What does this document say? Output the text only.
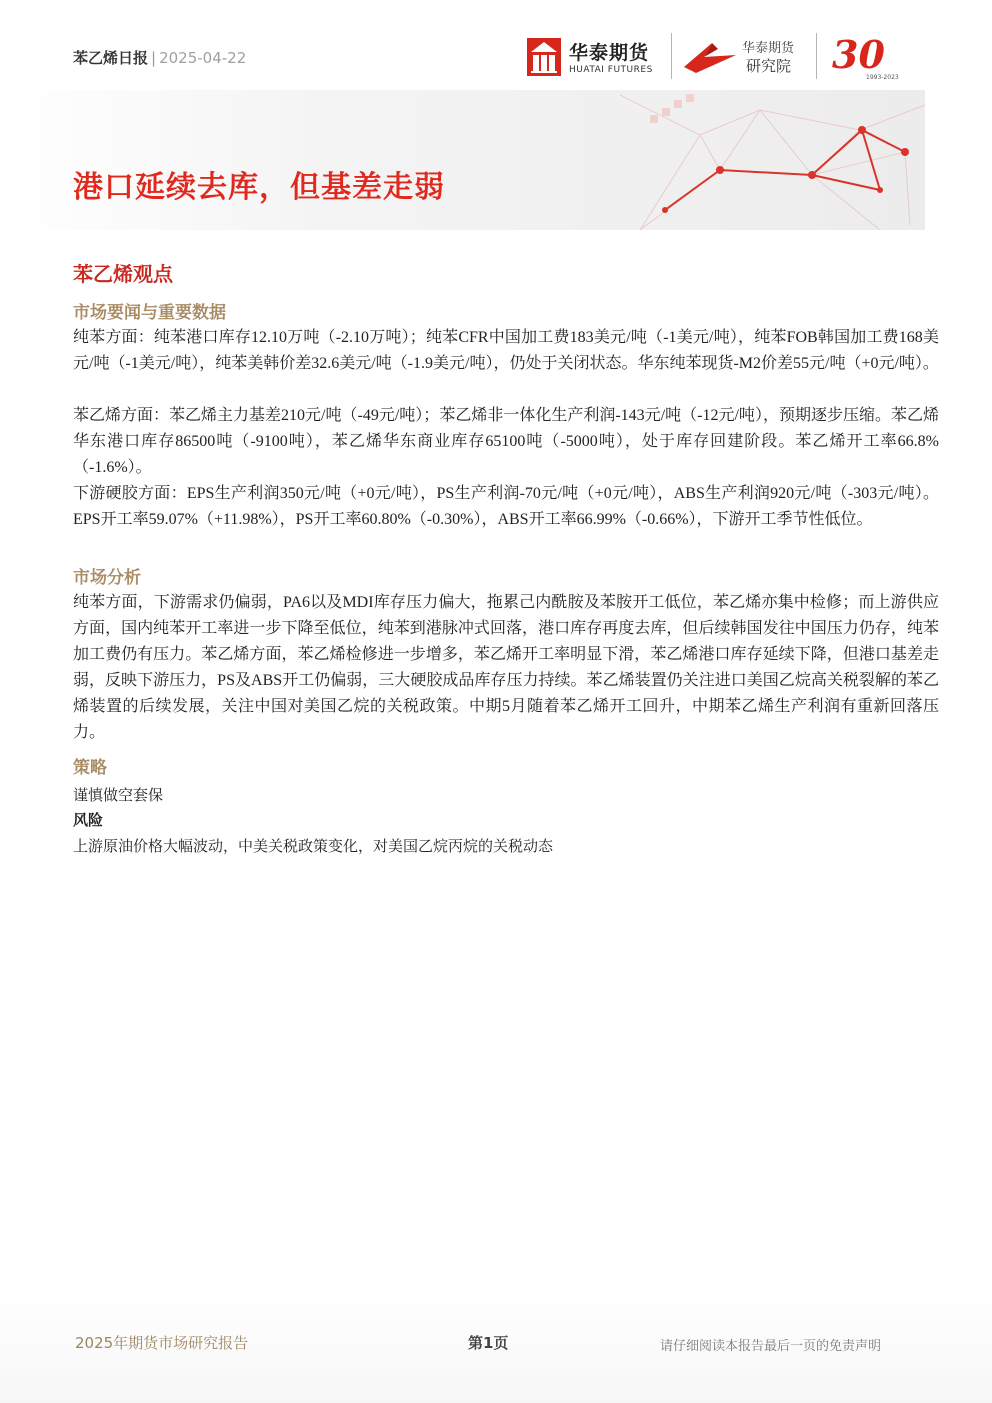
苯乙烯日报 | 2025-04-22	华泰期货
HUATAI FUTURES
华泰期货
研究院 30
1993-2023
港口延续去库，但基差走弱
苯乙烯观点
市场要闻与重要数据
纯苯方面：纯苯港口库存12.10万吨（-2.10万吨）；纯苯CFR中国加工费183美元/吨（-1美元/吨），纯苯FOB韩国加工费168美元/吨（-1美元/吨），纯苯美韩价差32.6美元/吨（-1.9美元/吨），仍处于关闭状态。华东纯苯现货-M2价差55元/吨（+0元/吨）。
苯乙烯方面：苯乙烯主力基差210元/吨（-49元/吨）；苯乙烯非一体化生产利润-143元/吨（-12元/吨），预期逐步压缩。苯乙烯华东港口库存86500吨（-9100吨），苯乙烯华东商业库存65100吨（-5000吨），处于库存回建阶段。苯乙烯开工率66.8%（-1.6%）。
下游硬胶方面：EPS生产利润350元/吨（+0元/吨），PS生产利润-70元/吨（+0元/吨），ABS生产利润920元/吨（-303元/吨）。EPS开工率59.07%（+11.98%），PS开工率60.80%（-0.30%），ABS开工率66.99%（-0.66%），下游开工季节性低位。
市场分析
纯苯方面，下游需求仍偏弱，PA6以及MDI库存压力偏大，拖累己内酰胺及苯胺开工低位，苯乙烯亦集中检修；而上游供应方面，国内纯苯开工率进一步下降至低位，纯苯到港脉冲式回落，港口库存再度去库，但后续韩国发往中国压力仍存，纯苯加工费仍有压力。苯乙烯方面，苯乙烯检修进一步增多，苯乙烯开工率明显下滑，苯乙烯港口库存延续下降，但港口基差走弱，反映下游压力，PS及ABS开工仍偏弱，三大硬胶成品库存压力持续。苯乙烯装置仍关注进口美国乙烷高关税裂解的苯乙烯装置的后续发展，关注中国对美国乙烷的关税政策。中期5月随着苯乙烯开工回升，中期苯乙烯生产利润有重新回落压力。
策略
谨慎做空套保
风险
上游原油价格大幅波动，中美关税政策变化，对美国乙烷丙烷的关税动态
2025年期货市场研究报告	第1页	请仔细阅读本报告最后一页的免责声明
